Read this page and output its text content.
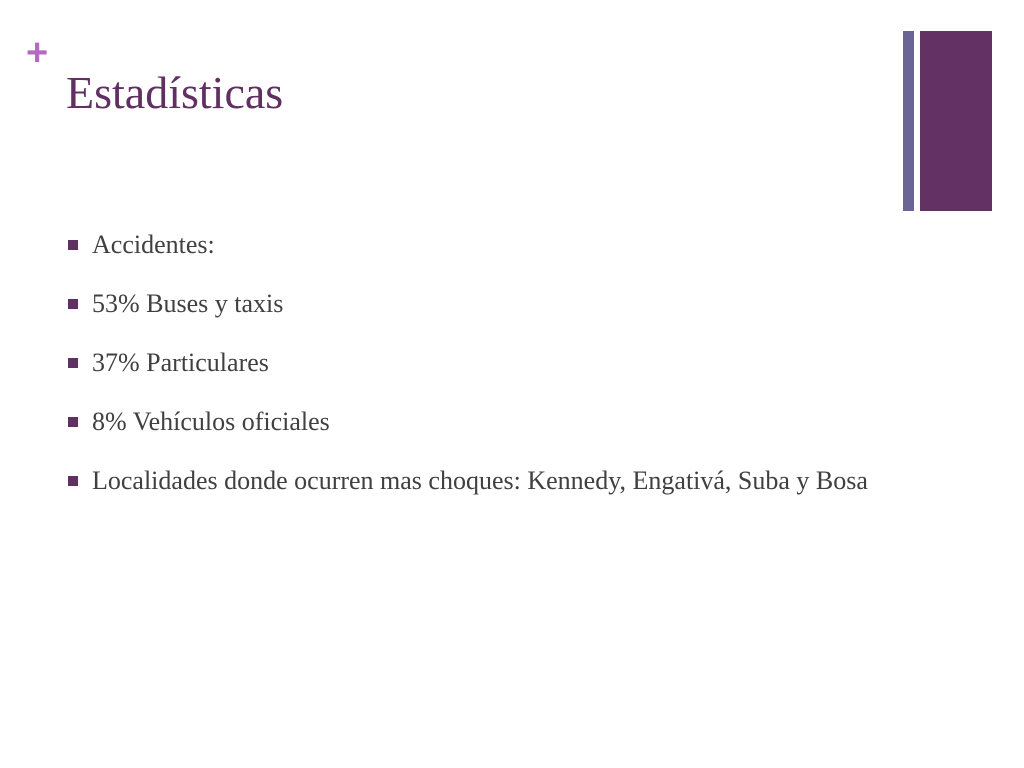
+
Estadísticas
Accidentes:
53% Buses y taxis
37% Particulares
8% Vehículos oficiales
Localidades donde ocurren mas choques: Kennedy, Engativá, Suba y Bosa
